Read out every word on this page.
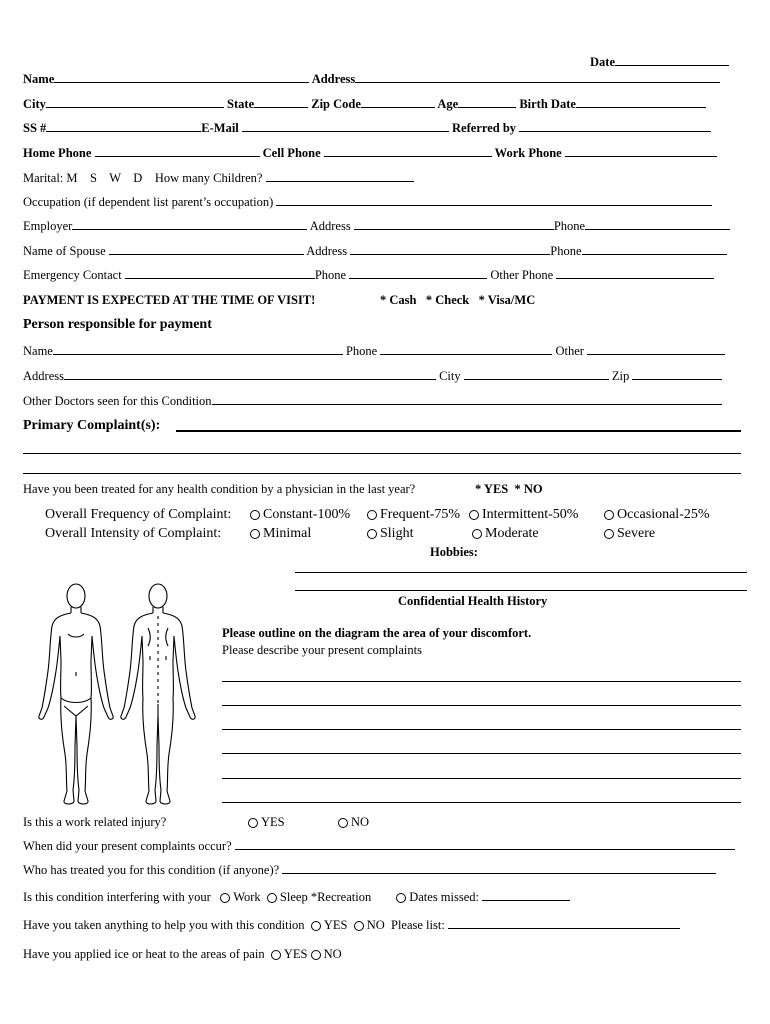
Date
Name	Address
City	State	Zip Code	Age	Birth Date
SS #	E-Mail	Referred by
Home Phone	Cell Phone	Work Phone
Marital: M    S    W    D How many Children?
Occupation (if dependent list parent’s occupation)
Employer	Address	Phone
Name of Spouse	Address	Phone
Emergency Contact	Phone	Other Phone
PAYMENT IS EXPECTED AT THE TIME OF VISIT!	* Cash   * Check   * Visa/MC
Person responsible for payment
Name	Phone	Other
Address	City	Zip
Other Doctors seen for this Condition
Primary Complaint(s):
Have you been treated for any health condition by a physician in the last year?	* YES  * NO
Overall Frequency of Complaint:	Constant-100%	Frequent-75%	Intermittent-50%	Occasional-25%
Overall Intensity of Complaint:	Minimal	Slight	Moderate	Severe
Hobbies:
Confidential Health History
Please outline on the diagram the area of your discomfort.
Please describe your present complaints
Is this a work related injury?	YES	NO
When did your present complaints occur?
Who has treated you for this condition (if anyone)?
Is this condition interfering with your Work Sleep *Recreation	Dates missed:
Have you taken anything to help you with this condition YES NO Please list:
Have you applied ice or heat to the areas of pain YES NO
